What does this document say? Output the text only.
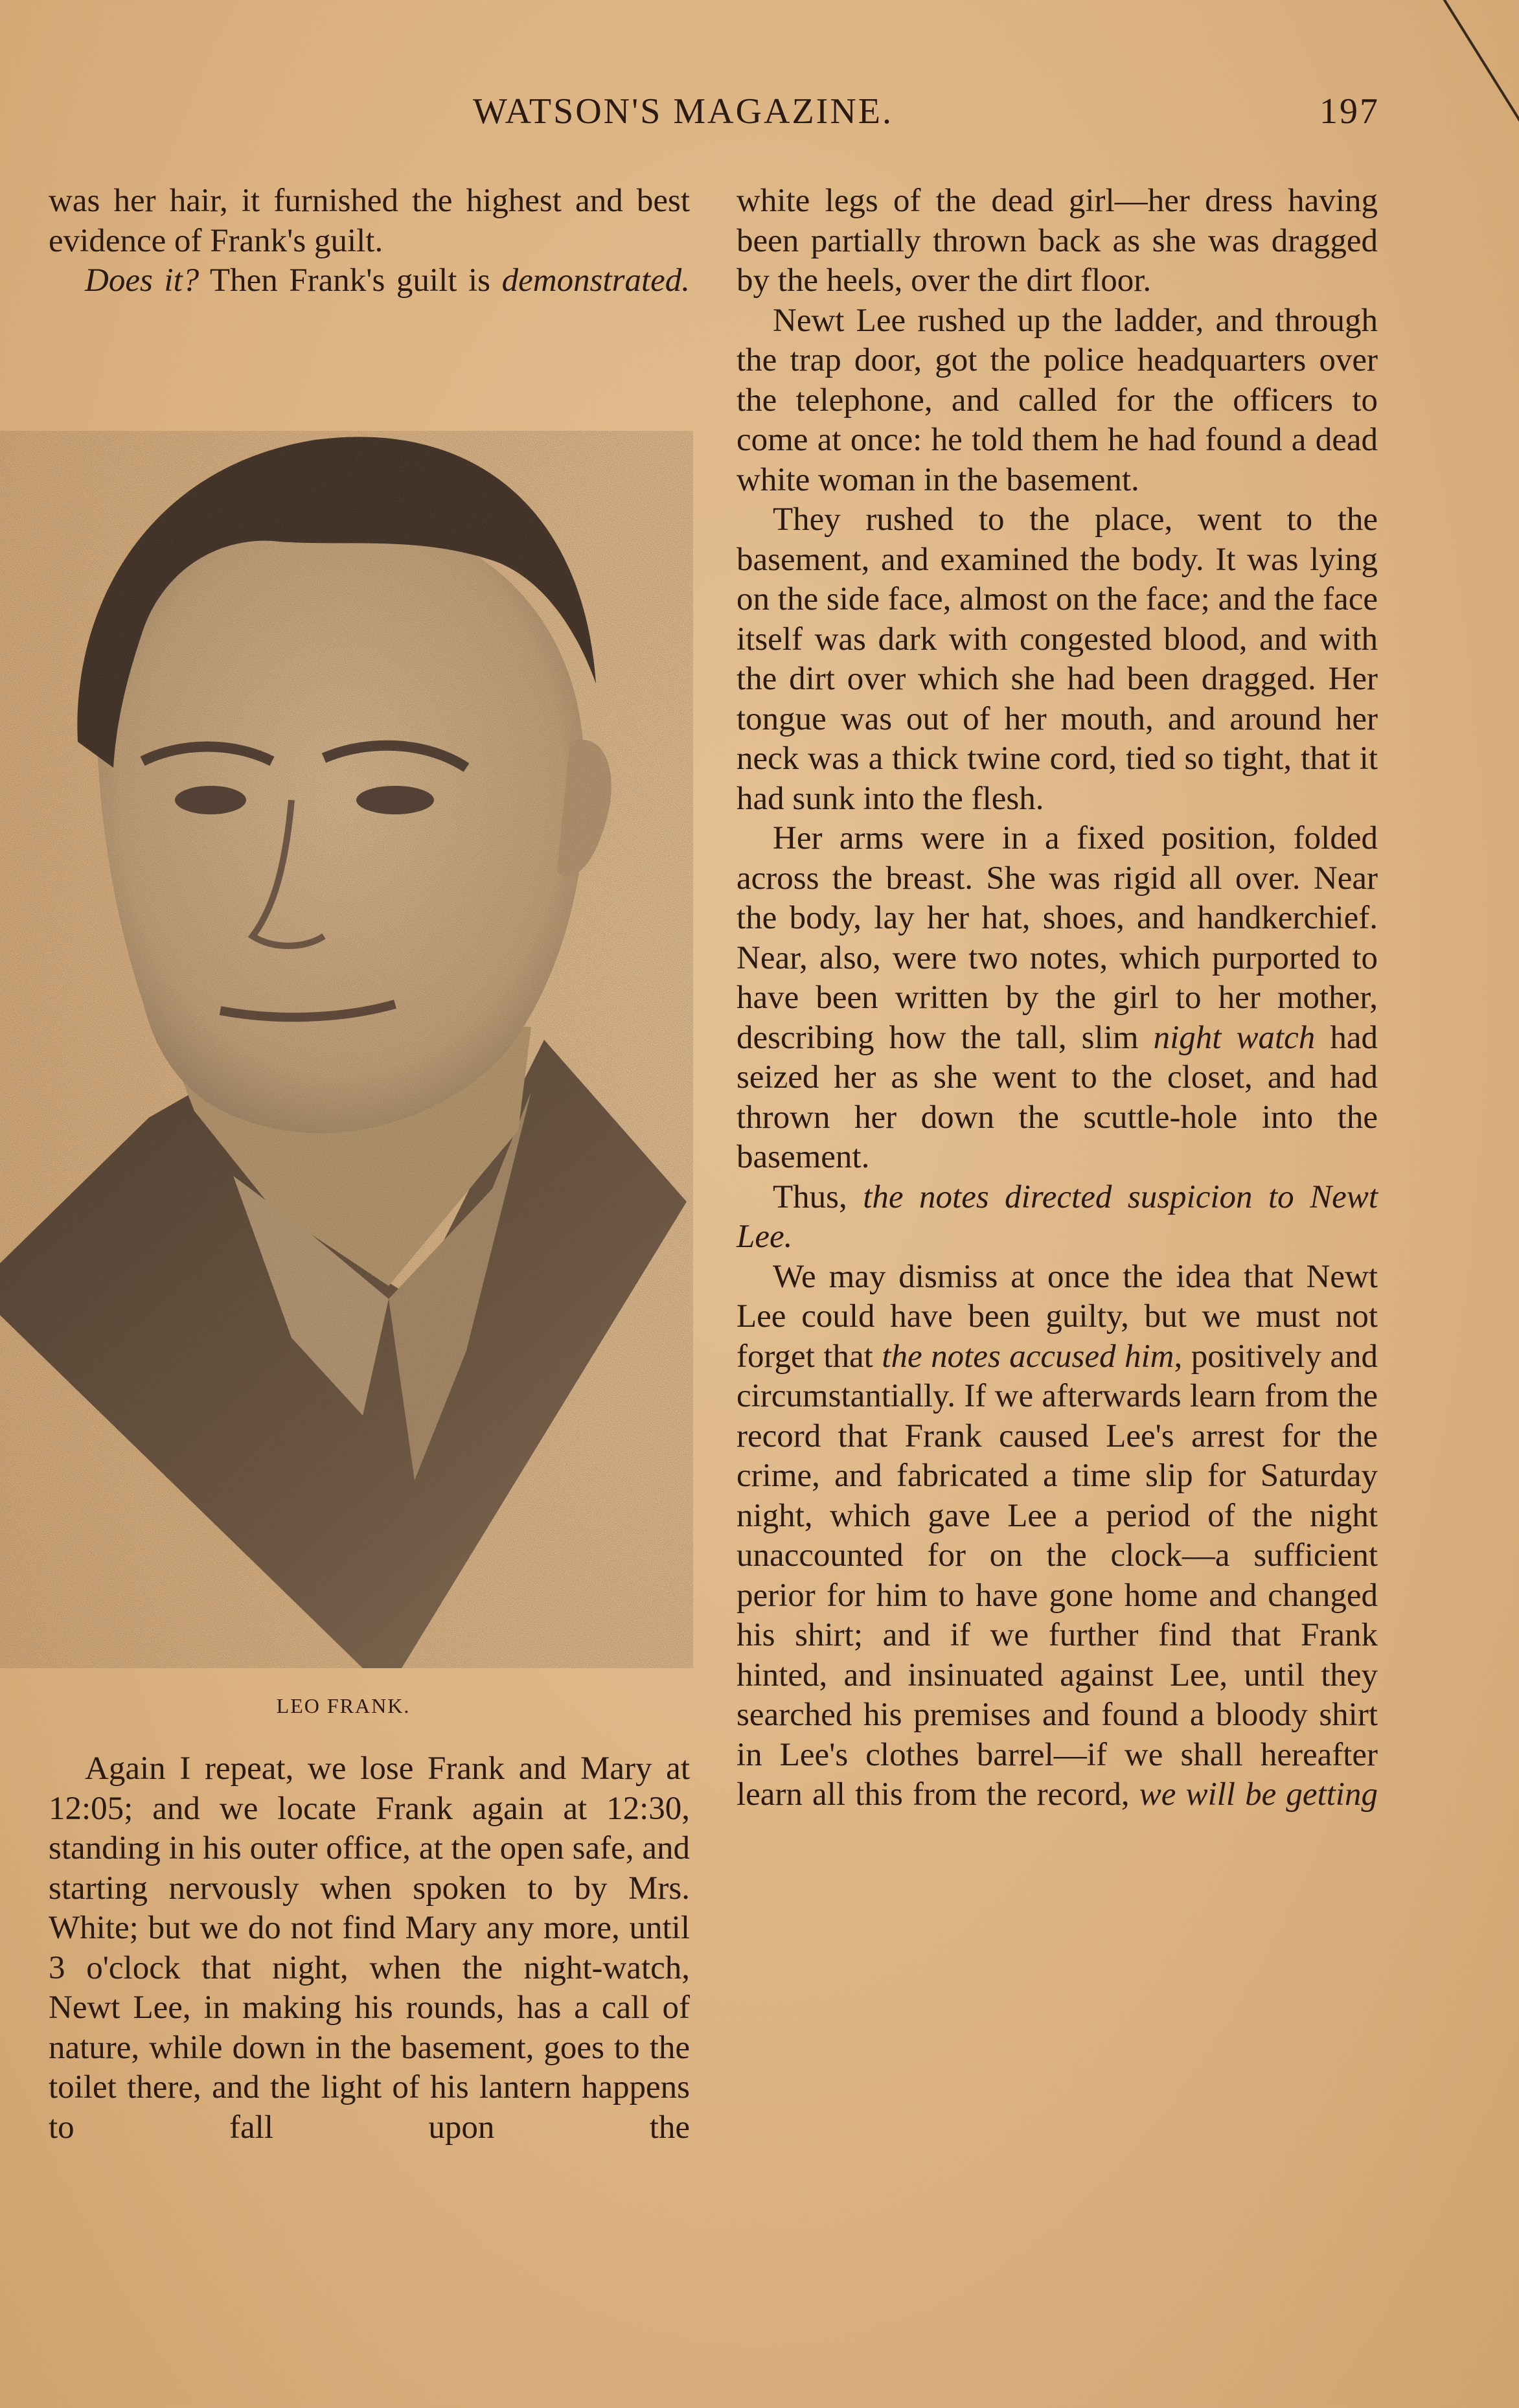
WATSON'S MAGAZINE.	197

was her hair, it furnished the highest and best evidence of Frank's guilt.

Does it? Then Frank's guilt is demonstrated.

LEO FRANK.

Again I repeat, we lose Frank and Mary at 12:05; and we locate Frank again at 12:30, standing in his outer office, at the open safe, and starting nervously when spoken to by Mrs. White; but we do not find Mary any more, until 3 o'clock that night, when the night-watch, Newt Lee, in making his rounds, has a call of nature, while down in the basement, goes to the toilet there, and the light of his lantern happens to fall upon the

white legs of the dead girl—her dress having been partially thrown back as she was dragged by the heels, over the dirt floor.

Newt Lee rushed up the ladder, and through the trap door, got the police headquarters over the telephone, and called for the officers to come at once: he told them he had found a dead white woman in the basement.

They rushed to the place, went to the basement, and examined the body. It was lying on the side face, almost on the face; and the face itself was dark with congested blood, and with the dirt over which she had been dragged. Her tongue was out of her mouth, and around her neck was a thick twine cord, tied so tight, that it had sunk into the flesh.

Her arms were in a fixed position, folded across the breast. She was rigid all over. Near the body, lay her hat, shoes, and handkerchief. Near, also, were two notes, which purported to have been written by the girl to her mother, describing how the tall, slim night watch had seized her as she went to the closet, and had thrown her down the scuttle-hole into the basement.

Thus, the notes directed suspicion to Newt Lee.

We may dismiss at once the idea that Newt Lee could have been guilty, but we must not forget that the notes accused him, positively and circumstantially. If we afterwards learn from the record that Frank caused Lee's arrest for the crime, and fabricated a time slip for Saturday night, which gave Lee a period of the night unaccounted for on the clock—a sufficient perior for him to have gone home and changed his shirt; and if we further find that Frank hinted, and insinuated against Lee, until they searched his premises and found a bloody shirt in Lee's clothes barrel—if we shall hereafter learn all this from the record, we will be getting
